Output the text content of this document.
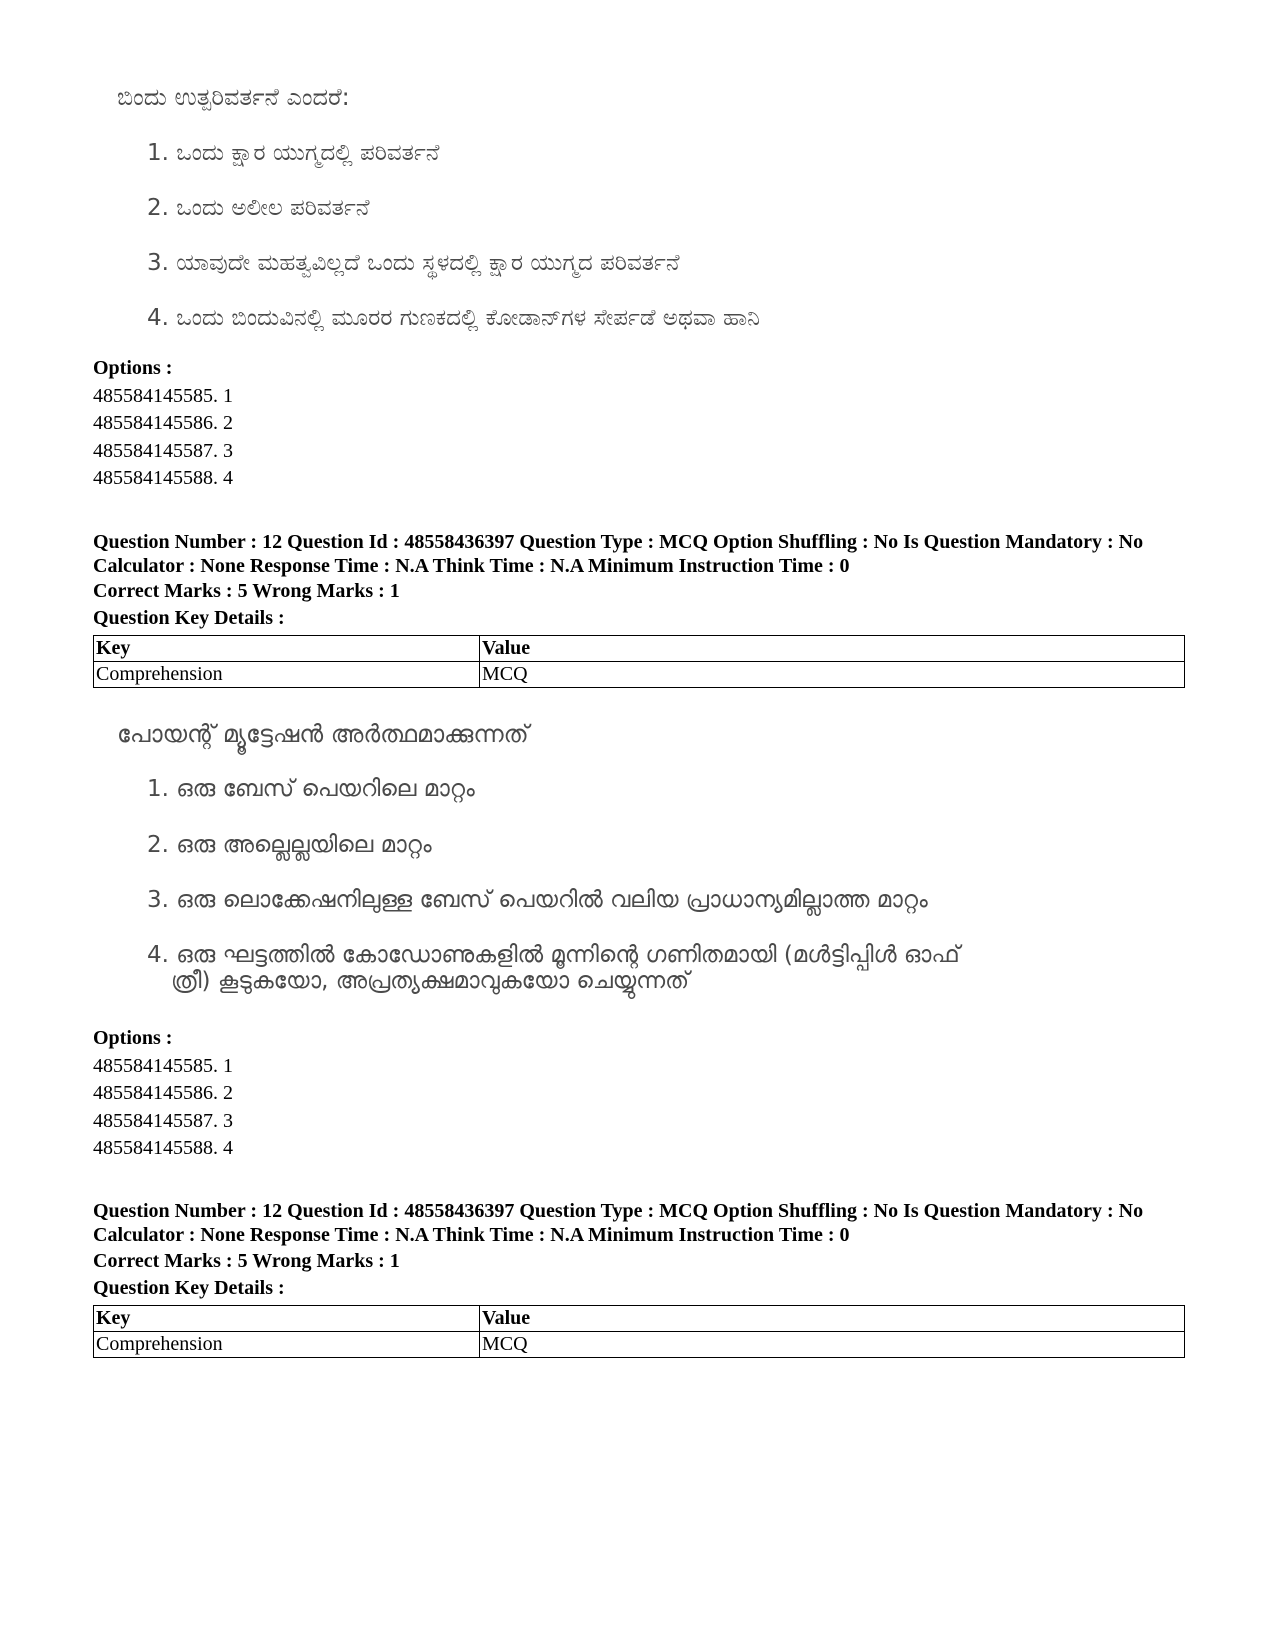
ಬಿಂದು ಉತ್ಪರಿವರ್ತನೆ ಎಂದರೆ:
1. ಒಂದು ಕ್ಷಾರ ಯುಗ್ಮದಲ್ಲಿ ಪರಿವರ್ತನೆ
2. ಒಂದು ಅಲೀಲ ಪರಿವರ್ತನೆ
3. ಯಾವುದೇ ಮಹತ್ವವಿಲ್ಲದೆ ಒಂದು ಸ್ಥಳದಲ್ಲಿ ಕ್ಷಾರ ಯುಗ್ಮದ ಪರಿವರ್ತನೆ
4. ಒಂದು ಬಿಂದುವಿನಲ್ಲಿ ಮೂರರ ಗುಣಕದಲ್ಲಿ ಕೋಡಾನ್‌ಗಳ ಸೇರ್ಪಡೆ ಅಥವಾ ಹಾನಿ
Options :
485584145585. 1
485584145586. 2
485584145587. 3
485584145588. 4
Question Number : 12 Question Id : 48558436397 Question Type : MCQ Option Shuffling : No Is Question Mandatory : No Calculator : None Response Time : N.A Think Time : N.A Minimum Instruction Time : 0
Correct Marks : 5 Wrong Marks : 1
Question Key Details :
Key	Value
Comprehension	MCQ
പോയന്റ് മ്യൂട്ടേഷൻ അർത്ഥമാക്കുന്നത്
1. ഒരു ബേസ് പെയറിലെ മാറ്റം
2. ഒരു അല്ലെല്ലയിലെ മാറ്റം
3. ഒരു ലൊക്കേഷനിലുള്ള ബേസ് പെയറിൽ വലിയ പ്രാധാന്യമില്ലാത്ത മാറ്റം
4. ഒരു ഘട്ടത്തിൽ കോഡോണുകളിൽ മൂന്നിന്റെ ഗണിതമായി (മൾട്ടിപ്പിൾ ഓഫ്
ത്രീ) കൂടുകയോ, അപ്രത്യക്ഷമാവുകയോ ചെയ്യുന്നത്
Options :
485584145585. 1
485584145586. 2
485584145587. 3
485584145588. 4
Question Number : 12 Question Id : 48558436397 Question Type : MCQ Option Shuffling : No Is Question Mandatory : No Calculator : None Response Time : N.A Think Time : N.A Minimum Instruction Time : 0
Correct Marks : 5 Wrong Marks : 1
Question Key Details :
Key	Value
Comprehension	MCQ
